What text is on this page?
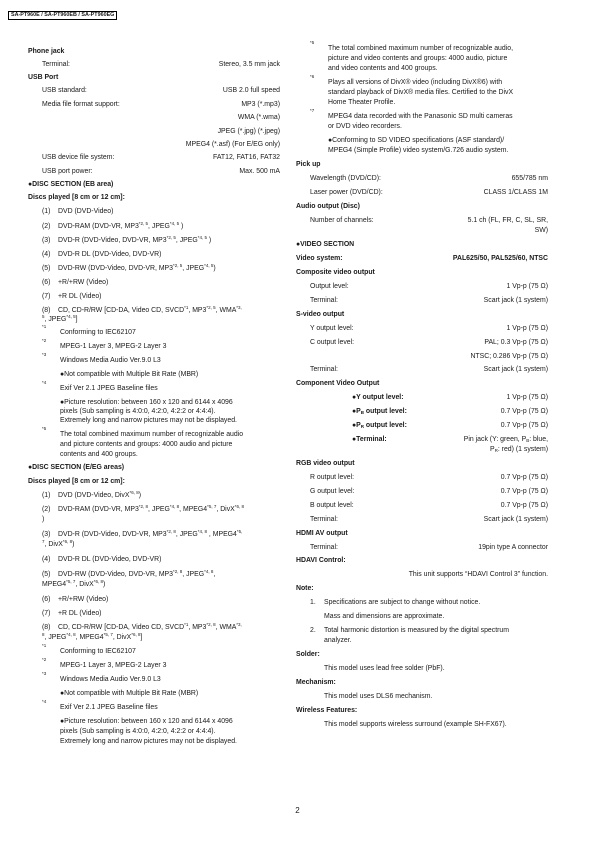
SA-PT960E / SA-PT960EB / SA-PT960EG
Phone jack
Terminal:	Stereo, 3.5 mm jack
USB Port
USB standard:	USB 2.0 full speed
Media file format support:	MP3 (*.mp3)
WMA (*.wma)
JPEG (*.jpg) (*.jpeg)
MPEG4 (*.asf) (For E/EG only)
USB device file system:	FAT12, FAT16, FAT32
USB port power:	Max. 500 mA
●DISC SECTION (EB area)
Discs played [8 cm or 12 cm]:
(1) DVD (DVD-Video)
(2) DVD-RAM (DVD-VR, MP3$^{*2, 5}$, JPEG$^{*4, 5}$ )
(3) DVD-R (DVD-Video, DVD-VR, MP3$^{*2, 5}$, JPEG$^{*4, 5}$ )
(4) DVD-R DL (DVD-Video, DVD-VR)
(5) DVD-RW (DVD-Video, DVD-VR, MP3$^{*2, 5}$, JPEG$^{*4, 5}$)
(6) +R/+RW (Video)
(7) +R DL (Video)
(8) CD, CD-R/RW [CD-DA, Video CD, SVCD$^{*1}$, MP3$^{*2, 5}$, $WMA^{*3,}$
$^5$, JPEG$^{*4, 5}$]
$^{*1}$
Conforming to IEC62107
$^{*2}$
MPEG-1 Layer 3, MPEG-2 Layer 3
$^{*3}$
Windows Media Audio Ver.9.0 L3
●Not compatible with Multiple Bit Rate (MBR)
$^{*4}$
Exif Ver 2.1 JPEG Baseline files
●Picture resolution: between 160 x 120 and 6144 x 4096
pixels (Sub sampling is 4:0:0, 4:2:0, 4:2:2 or 4:4:4).
Extremely long and narrow pictures may not be displayed.
$^{*5}$
The total combined maximum number of recognizable audio
and picture contents and groups: 4000 audio and picture
contents and 400 groups.
●DISC SECTION (E/EG areas)
Discs played [8 cm or 12 cm]:
(1) DVD (DVD-Video, DivX$^{*6, 8}$)
(2) DVD-RAM (DVD-VR, MP3$^{*2, 8}$, JPEG$^{*4, 8}$, MPEG4$^{*5, 7}$, DivX$^{*6, 8}$
)
(3) DVD-R (DVD-Video, DVD-VR, MP3$^{*2, 8}$, JPEG$^{*4, 8}$ , $MPEG4^{*5,}$
$^7$, DivX$^{*6, 8}$)
(4) DVD-R DL (DVD-Video, DVD-VR)
(5) DVD-RW (DVD-Video, DVD-VR, MP3$^{*2, 8}$, JPEG$^{*4, 8}$,
MPEG4$^{*5, 7}$, DivX$^{*6, 8}$)
(6) +R/+RW (Video)
(7) +R DL (Video)
(8) CD, CD-R/RW [CD-DA, Video CD, SVCD$^{*1}$, MP3$^{*2, 8}$, $WMA^{*3,}$
$^8$, JPEG$^{*4, 8}$, MPEG4$^{*5, 7}$, DivX$^{*6, 8}$]
$^{*1}$
Conforming to IEC62107
$^{*2}$
MPEG-1 Layer 3, MPEG-2 Layer 3
$^{*3}$
Windows Media Audio Ver.9.0 L3
●Not compatible with Multiple Bit Rate (MBR)
$^{*4}$
Exif Ver 2.1 JPEG Baseline files
●Picture resolution: between 160 x 120 and 6144 x 4096
pixels (Sub sampling is 4:0:0, 4:2:0, 4:2:2 or 4:4:4).
Extremely long and narrow pictures may not be displayed.
$^{*5}$
The total combined maximum number of recognizable audio,
picture and video contents and groups: 4000 audio, picture
and video contents and 400 groups.
$^{*6}$
Plays all versions of DivX® video (including DivX®6) with
standard playback of DivX® media files. Certified to the DivX
Home Theater Profile.
$^{*7}$
MPEG4 data recorded with the Panasonic SD multi cameras
or DVD video recorders.
●Conforming to SD VIDEO specifications (ASF standard)/
MPEG4 (Simple Profile) video system/G.726 audio system.
Pick up
Wavelength (DVD/CD):	655/785 nm
Laser power (DVD/CD):	CLASS 1/CLASS 1M
Audio output (Disc)
Number of channels:	5.1 ch (FL, FR, C, SL, SR,
SW)
●VIDEO SECTION
Video system:	PAL625/50, PAL525/60, NTSC
Composite video output
Output level:	1 Vp-p (75 Ω)
Terminal:	Scart jack (1 system)
S-video output
Y output level:	1 Vp-p (75 Ω)
C output level:	PAL; 0.3 Vp-p (75 Ω)
NTSC; 0.286 Vp-p (75 Ω)
Terminal:	Scart jack (1 system)
Component Video Output
●Y output level:	1 Vp-p (75 Ω)
$●P_B$ output level:	0.7 Vp-p (75 Ω)
$●P_R$ output level:	0.7 Vp-p (75 Ω)
●Terminal:	Pin jack (Y: green, $P_B$: blue,
$P_R$: red) (1 system)
RGB video output
R output level:	0.7 Vp-p (75 Ω)
G output level:	0.7 Vp-p (75 Ω)
B output level:	0.7 Vp-p (75 Ω)
Terminal:	Scart jack (1 system)
HDMI AV output
Terminal:	19pin type A connector
HDAVI Control:
This unit supports “HDAVI Control 3” function.
Note:
1. Specifications are subject to change without notice.
Mass and dimensions are approximate.
2. Total harmonic distortion is measured by the digital spectrum
analyzer.
Solder:
This model uses lead free solder (PbF).
Mechanism:
This model uses DLS6 mechanism.
Wireless Features:
This model supports wireless surround (example SH-FX67).
2
